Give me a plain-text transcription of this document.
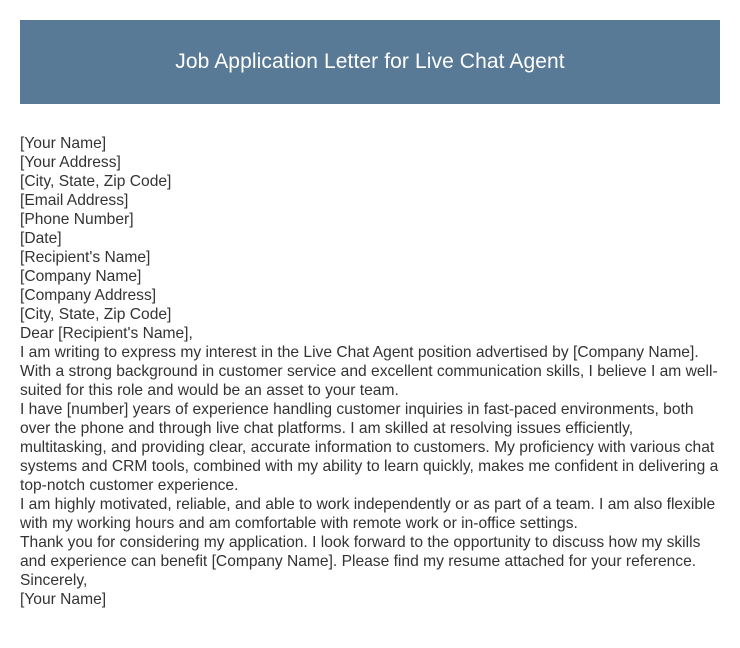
Job Application Letter for Live Chat Agent

[Your Name]

[Your Address]

[City, State, Zip Code]

[Email Address]

[Phone Number]

[Date]

[Recipient's Name]

[Company Name]

[Company Address]

[City, State, Zip Code]

Dear [Recipient's Name],

I am writing to express my interest in the Live Chat Agent position advertised by [Company Name]. With a strong background in customer service and excellent communication skills, I believe I am well-suited for this role and would be an asset to your team.

I have [number] years of experience handling customer inquiries in fast-paced environments, both over the phone and through live chat platforms. I am skilled at resolving issues efficiently, multitasking, and providing clear, accurate information to customers. My proficiency with various chat systems and CRM tools, combined with my ability to learn quickly, makes me confident in delivering a top-notch customer experience.

I am highly motivated, reliable, and able to work independently or as part of a team. I am also flexible with my working hours and am comfortable with remote work or in-office settings.

Thank you for considering my application. I look forward to the opportunity to discuss how my skills and experience can benefit [Company Name]. Please find my resume attached for your reference.

Sincerely,

[Your Name]
